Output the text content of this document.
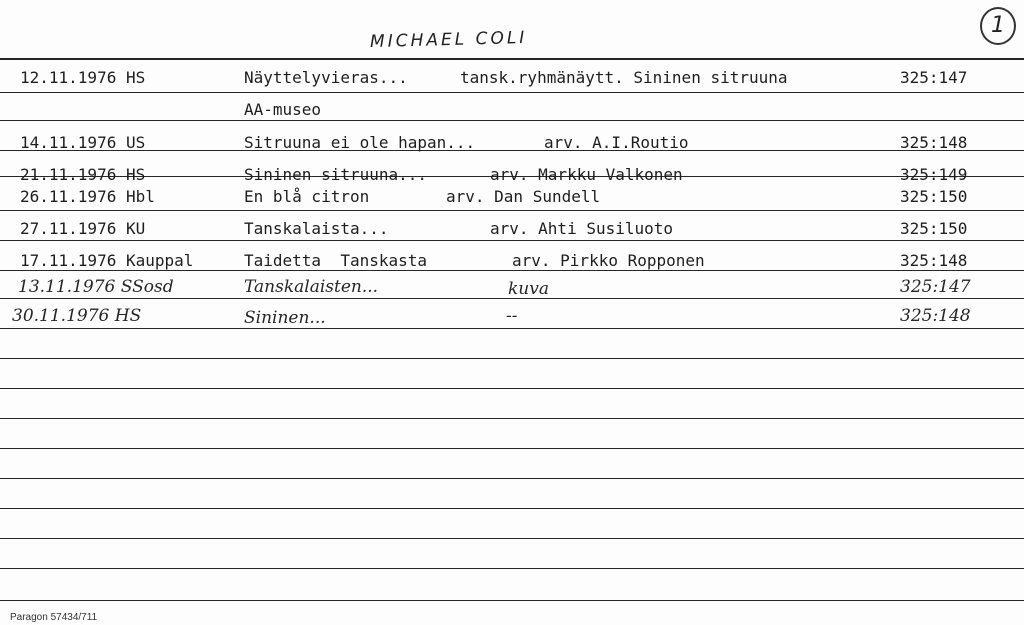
1
MICHAEL COLI
12.11.1976 HS	Näyttelyvieras...	tansk.ryhmänäytt. Sininen sitruuna	325:147
AA-museo
14.11.1976 US	Sitruuna ei ole hapan...	arv. A.I.Routio	325:148
21.11.1976 HS	Sininen sitruuna...	arv. Markku Valkonen	325:149
26.11.1976 Hbl	En blå citron	arv. Dan Sundell	325:150
27.11.1976 KU	Tanskalaista...	arv. Ahti Susiluoto	325:150
17.11.1976 Kauppal	Taidetta  Tanskasta	arv. Pirkko Ropponen	325:148
13.11.1976 SSosd	Tanskalaisten...	kuva	325:147
30.11.1976 HS	Sininen...	--	325:148
Paragon 57434/711
